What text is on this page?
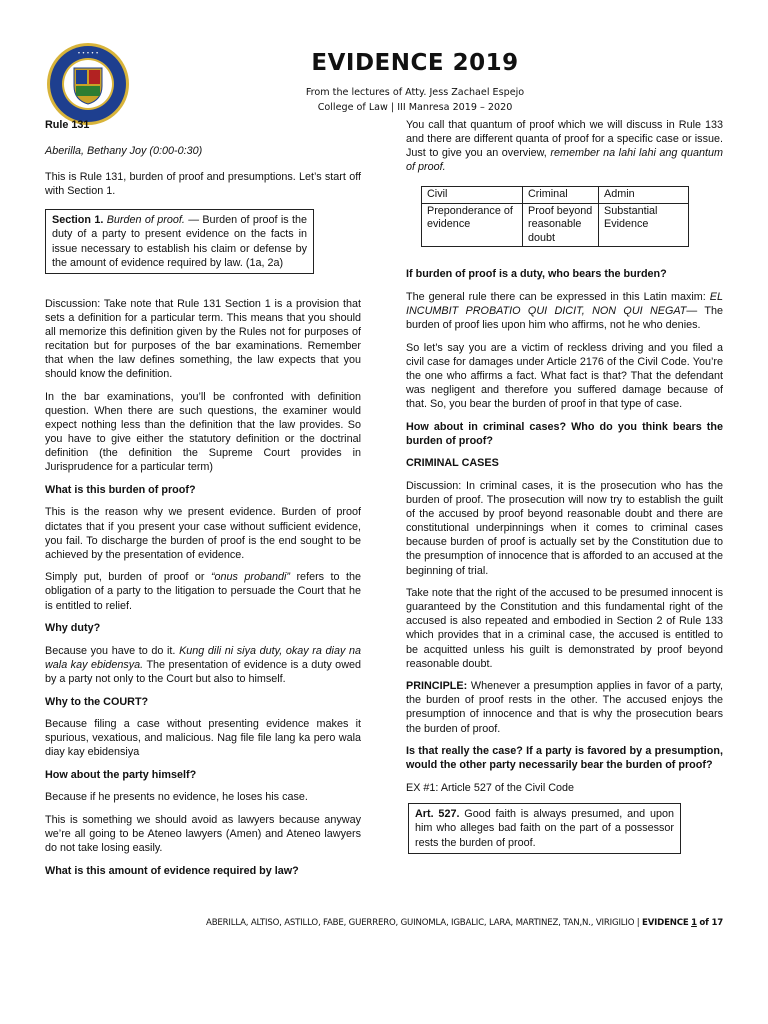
• • • • •	EVIDENCE 2019
From the lectures of Atty. Jess Zachael Espejo
College of Law | III Manresa 2019 – 2020

Rule 131

Aberilla, Bethany Joy (0:00-0:30)

This is Rule 131, burden of proof and presumptions. Let’s start off with Section 1.

Section 1. Burden of proof. — Burden of proof is the duty of a party to present evidence on the facts in issue necessary to establish his claim or defense by the amount of evidence required by law. (1a, 2a)

Discussion: Take note that Rule 131 Section 1 is a provision that sets a definition for a particular term. This means that you should all memorize this definition given by the Rules not for purposes of recitation but for purposes of the bar examinations. Remember that when the law defines something, the law expects that you should know the definition.

In the bar examinations, you’ll be confronted with definition question. When there are such questions, the examiner would expect nothing less than the definition that the law provides. So you have to give either the statutory definition or the doctrinal definition (the definition the Supreme Court provides in Jurisprudence for a particular term)

What is this burden of proof?

This is the reason why we present evidence. Burden of proof dictates that if you present your case without sufficient evidence, you fail. To discharge the burden of proof is the end sought to be achieved by the presentation of evidence.

Simply put, burden of proof or “onus probandi” refers to the obligation of a party to the litigation to persuade the Court that he is entitled to relief.

Why duty?

Because you have to do it. Kung dili ni siya duty, okay ra diay na wala kay ebidensya. The presentation of evidence is a duty owed by a party not only to the Court but also to himself.

Why to the COURT?

Because filing a case without presenting evidence makes it spurious, vexatious, and malicious. Nag file file lang ka pero wala diay kay ebidensiya

How about the party himself?

Because if he presents no evidence, he loses his case.

This is something we should avoid as lawyers because anyway we’re all going to be Ateneo lawyers (Amen) and Ateneo lawyers do not take losing easily.

What is this amount of evidence required by law?

You call that quantum of proof which we will discuss in Rule 133 and there are different quanta of proof for a specific case or issue. Just to give you an overview, remember na lahi lahi ang quantum of proof.

Civil	Criminal	Admin
Preponderance of evidence	Proof beyond reasonable doubt	Substantial Evidence

If burden of proof is a duty, who bears the burden?

The general rule there can be expressed in this Latin maxim: EL INCUMBIT PROBATIO QUI DICIT, NON QUI NEGAT— The burden of proof lies upon him who affirms, not he who denies.

So let’s say you are a victim of reckless driving and you filed a civil case for damages under Article 2176 of the Civil Code. You’re the one who affirms a fact. What fact is that? That the defendant was negligent and therefore you suffered damage because of that. So, you bear the burden of proof in that type of case.

How about in criminal cases? Who do you think bears the burden of proof?

CRIMINAL CASES

Discussion: In criminal cases, it is the prosecution who has the burden of proof. The prosecution will now try to establish the guilt of the accused by proof beyond reasonable doubt and there are constitutional underpinnings when it comes to criminal cases because burden of proof is actually set by the Constitution due to the presumption of innocence that is afforded to an accused at the beginning of trial.

Take note that the right of the accused to be presumed innocent is guaranteed by the Constitution and this fundamental right of the accused is also repeated and embodied in Section 2 of Rule 133 which provides that in a criminal case, the accused is entitled to be acquitted unless his guilt is demonstrated by proof beyond reasonable doubt.

PRINCIPLE: Whenever a presumption applies in favor of a party, the burden of proof rests in the other. The accused enjoys the presumption of innocence and that is why the prosecution bears the burden of proof.

Is that really the case? If a party is favored by a presumption, would the other party necessarily bear the burden of proof?

EX #1: Article 527 of the Civil Code

Art. 527. Good faith is always presumed, and upon him who alleges bad faith on the part of a possessor rests the burden of proof.
ABERILLA, ALTISO, ASTILLO, FABE, GUERRERO, GUINOMLA, IGBALIC, LARA, MARTINEZ, TAN,N., VIRIGILIO | EVIDENCE 1 of 17
